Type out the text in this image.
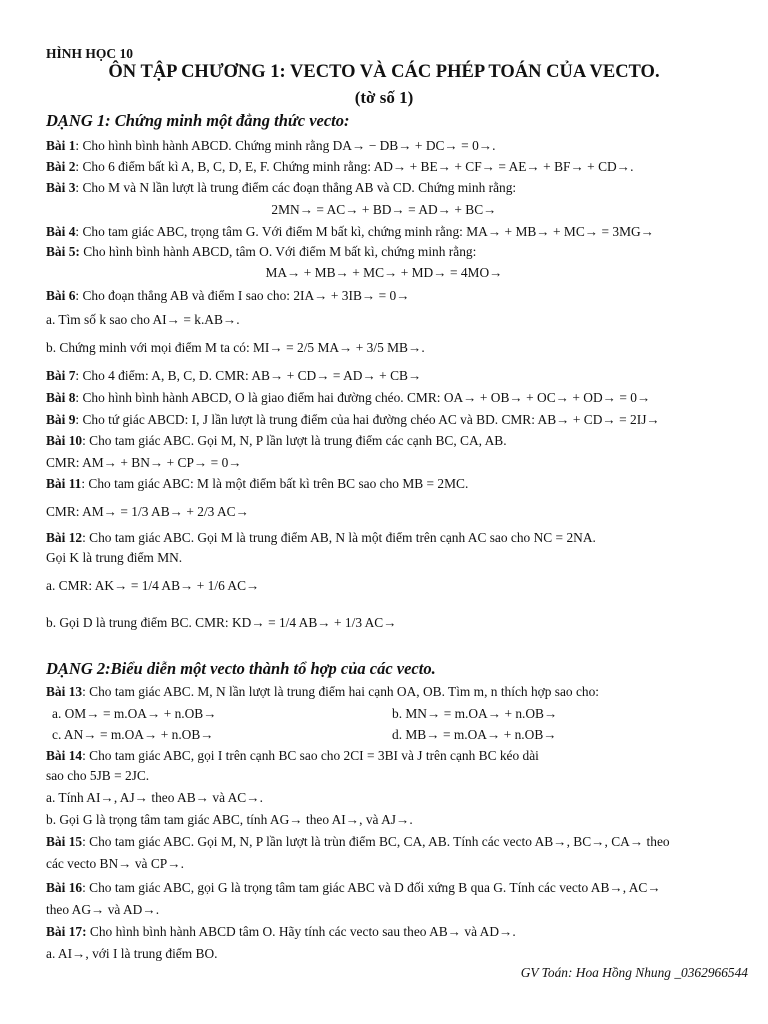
HÌNH HỌC 10
ÔN TẬP CHƯƠNG 1: VECTO VÀ CÁC PHÉP TOÁN CỦA VECTO.
(tờ số 1)
DẠNG 1: Chứng minh một đẳng thức vecto:
Bài 1: Cho hình bình hành ABCD. Chứng minh rằng DA→ − DB→ + DC→ = 0→.
Bài 2: Cho 6 điểm bất kì A, B, C, D, E, F. Chứng minh rằng: AD→ + BE→ + CF→ = AE→ + BF→ + CD→.
Bài 3: Cho M và N lần lượt là trung điểm các đoạn thẳng AB và CD. Chứng minh rằng:
2MN→ = AC→ + BD→ = AD→ + BC→
Bài 4: Cho tam giác ABC, trọng tâm G. Với điểm M bất kì, chứng minh rằng: MA→ + MB→ + MC→ = 3MG→
Bài 5: Cho hình bình hành ABCD, tâm O. Với điểm M bất kì, chứng minh rằng:
MA→ + MB→ + MC→ + MD→ = 4MO→
Bài 6: Cho đoạn thẳng AB và điểm I sao cho: 2IA→ + 3IB→ = 0→
a. Tìm số k sao cho AI→ = k.AB→.
b. Chứng minh với mọi điểm M ta có: MI→ = 2/5 MA→ + 3/5 MB→.
Bài 7: Cho 4 điểm: A, B, C, D. CMR: AB→ + CD→ = AD→ + CB→
Bài 8: Cho hình bình hành ABCD, O là giao điểm hai đường chéo. CMR: OA→ + OB→ + OC→ + OD→ = 0→
Bài 9: Cho tứ giác ABCD: I, J lần lượt là trung điểm của hai đường chéo AC và BD. CMR: AB→ + CD→ = 2IJ→
Bài 10: Cho tam giác ABC. Gọi M, N, P lần lượt là trung điểm các cạnh BC, CA, AB.
CMR: AM→ + BN→ + CP→ = 0→
Bài 11: Cho tam giác ABC: M là một điểm bất kì trên BC sao cho MB = 2MC.
CMR: AM→ = 1/3 AB→ + 2/3 AC→
Bài 12: Cho tam giác ABC. Gọi M là trung điểm AB, N là một điểm trên cạnh AC sao cho NC = 2NA.
Gọi K là trung điểm MN.
a. CMR: AK→ = 1/4 AB→ + 1/6 AC→
b. Gọi D là trung điểm BC. CMR: KD→ = 1/4 AB→ + 1/3 AC→
DẠNG 2:Biểu diễn một vecto thành tổ hợp của các vecto.
Bài 13: Cho tam giác ABC. M, N lần lượt là trung điểm hai cạnh OA, OB. Tìm m, n thích hợp sao cho:
a. OM→ = m.OA→ + n.OB→	b. MN→ = m.OA→ + n.OB→
c. AN→ = m.OA→ + n.OB→	d. MB→ = m.OA→ + n.OB→
Bài 14: Cho tam giác ABC, gọi I trên cạnh BC sao cho 2CI = 3BI và J trên cạnh BC kéo dài
sao cho 5JB = 2JC.
a. Tính AI→, AJ→ theo AB→ và AC→.
b. Gọi G là trọng tâm tam giác ABC, tính AG→ theo AI→, và AJ→.
Bài 15: Cho tam giác ABC. Gọi M, N, P lần lượt là trùn điểm BC, CA, AB. Tính các vecto AB→, BC→, CA→ theo
các vecto BN→ và CP→.
Bài 16: Cho tam giác ABC, gọi G là trọng tâm tam giác ABC và D đối xứng B qua G. Tính các vecto AB→, AC→
theo AG→ và AD→.
Bài 17: Cho hình bình hành ABCD tâm O. Hãy tính các vecto sau theo AB→ và AD→.
a. AI→, với I là trung điểm BO.
GV Toán: Hoa Hồng Nhung _0362966544
